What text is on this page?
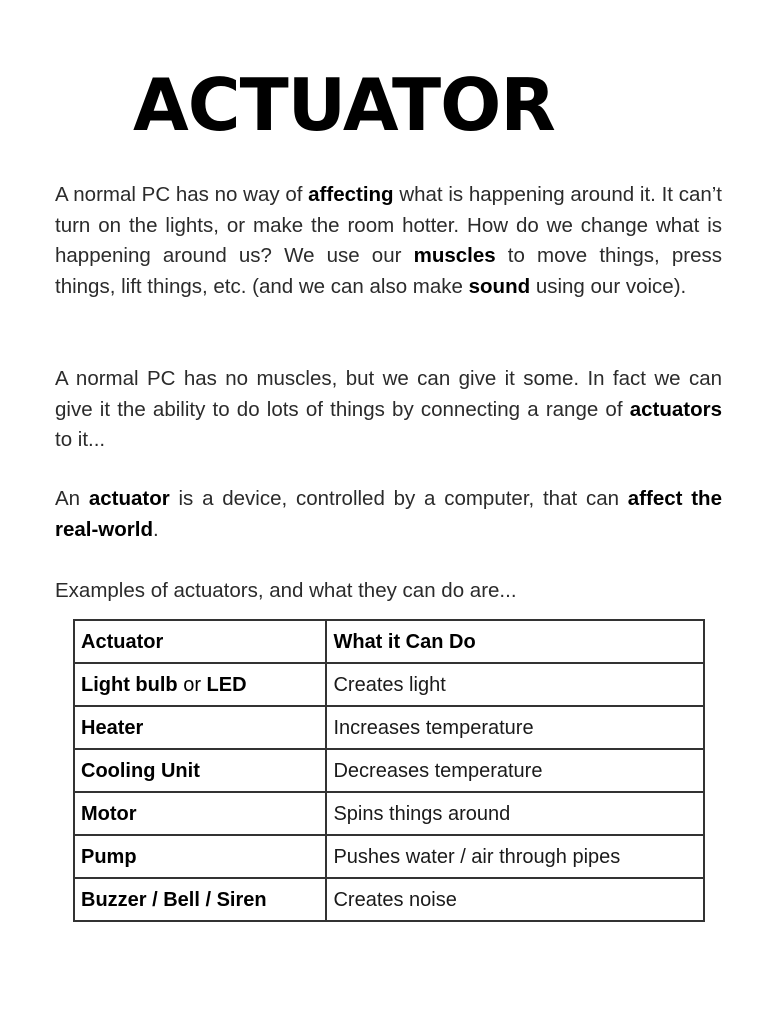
ACTUATOR

A normal PC has no way of affecting what is happening around it. It can’t turn on the lights, or make the room hotter. How do we change what is happening around us? We use our muscles to move things, press things, lift things, etc. (and we can also make sound using our voice).

A normal PC has no muscles, but we can give it some. In fact we can give it the ability to do lots of things by connecting a range of actuators to it...

An actuator is a device, controlled by a computer, that can affect the real-world.

Examples of actuators, and what they can do are...

Actuator	What it Can Do
Light bulb or LED	Creates light
Heater	Increases temperature
Cooling Unit	Decreases temperature
Motor	Spins things around
Pump	Pushes water / air through pipes
Buzzer / Bell / Siren	Creates noise
